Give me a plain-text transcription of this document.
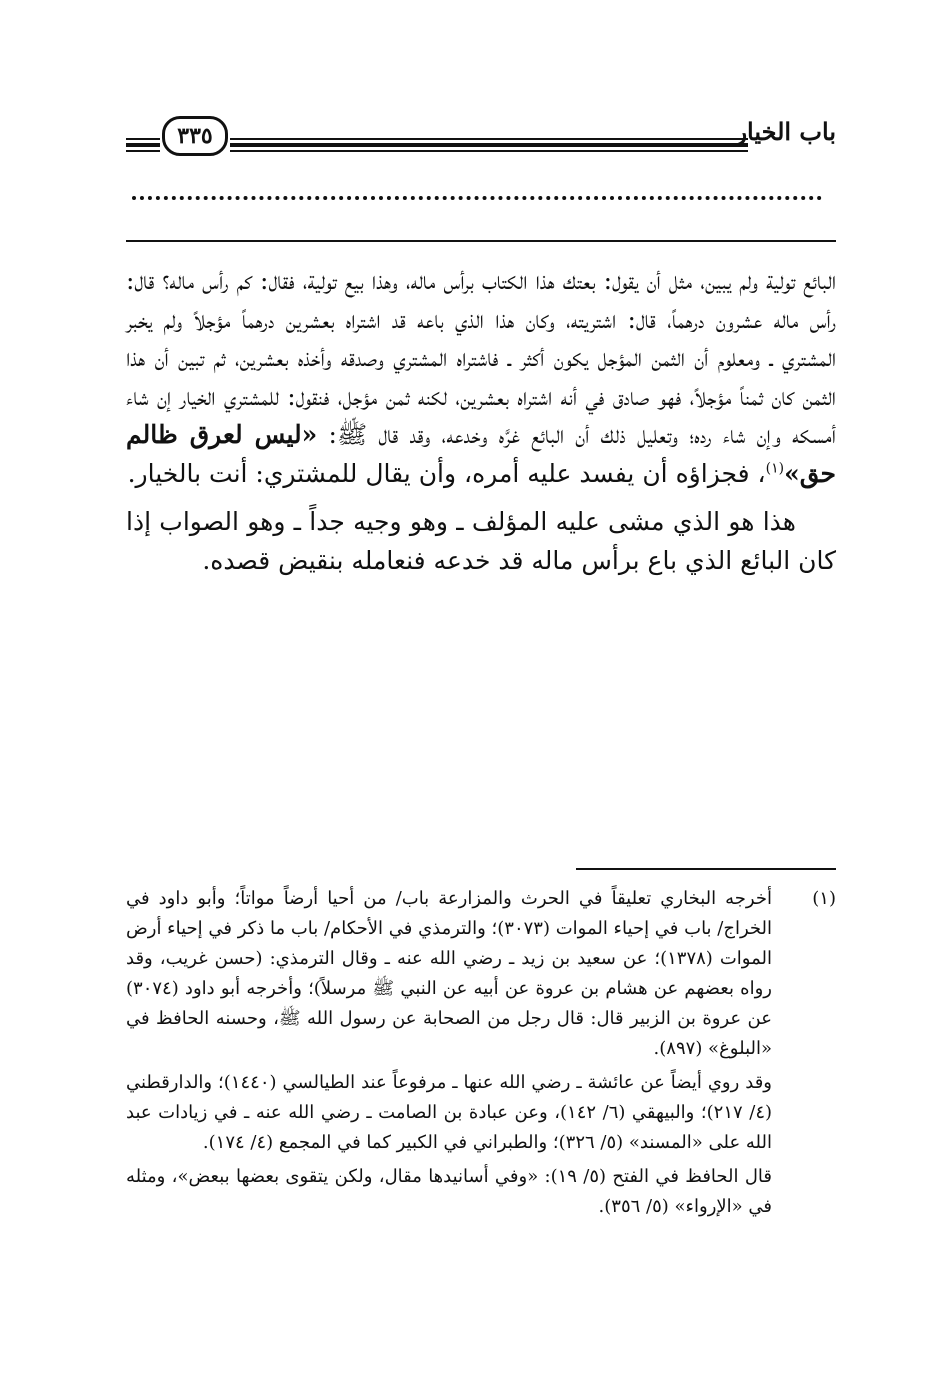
باب الخيار
٣٣٥

البائع تولية ولم يبين، مثل أن يقول: بعتك هذا الكتاب برأس ماله، وهذا بيع تولية، فقال: كم رأس ماله؟ قال: رأس ماله عشرون درهماً، قال: اشتريته، وكان هذا الذي باعه قد اشتراه بعشرين درهماً مؤجلاً ولم يخبر المشتري ـ ومعلوم أن الثمن المؤجل يكون أكثر ـ فاشتراه المشتري وصدقه وأخذه بعشرين، ثم تبين أن هذا الثمن كان ثمناً مؤجلاً، فهو صادق في أنه اشتراه بعشرين، لكنه ثمن مؤجل، فنقول: للمشتري الخيار إن شاء أمسكه وإن شاء رده؛ وتعليل ذلك أن البائع غرَّه وخدعه، وقد قال ﷺ: «ليس لعرق ظالم حق»$^{(١)}$، فجزاؤه أن يفسد عليه أمره، وأن يقال للمشتري: أنت بالخيار.

هذا هو الذي مشى عليه المؤلف ـ وهو وجيه جداً ـ وهو الصواب إذا كان البائع الذي باع برأس ماله قد خدعه فنعامله بنقيض قصده.

(١)

أخرجه البخاري تعليقاً في الحرث والمزارعة باب/ من أحيا أرضاً مواتاً؛ وأبو داود في الخراج/ باب في إحياء الموات (٣٠٧٣)؛ والترمذي في الأحكام/ باب ما ذكر في إحياء أرض الموات (١٣٧٨)؛ عن سعيد بن زيد ـ رضي الله عنه ـ وقال الترمذي: (حسن غريب، وقد رواه بعضهم عن هشام بن عروة عن أبيه عن النبي ﷺ مرسلاً)؛ وأخرجه أبو داود (٣٠٧٤) عن عروة بن الزبير قال: قال رجل من الصحابة عن رسول الله ﷺ، وحسنه الحافظ في «البلوغ» (٨٩٧).

وقد روي أيضاً عن عائشة ـ رضي الله عنها ـ مرفوعاً عند الطيالسي (١٤٤٠)؛ والدارقطني (٤/ ٢١٧)؛ والبيهقي (٦/ ١٤٢)، وعن عبادة بن الصامت ـ رضي الله عنه ـ في زيادات عبد الله على «المسند» (٥/ ٣٢٦)؛ والطبراني في الكبير كما في المجمع (٤/ ١٧٤).

قال الحافظ في الفتح (٥/ ١٩): «وفي أسانيدها مقال، ولكن يتقوى بعضها ببعض»، ومثله في «الإرواء» (٥/ ٣٥٦).
